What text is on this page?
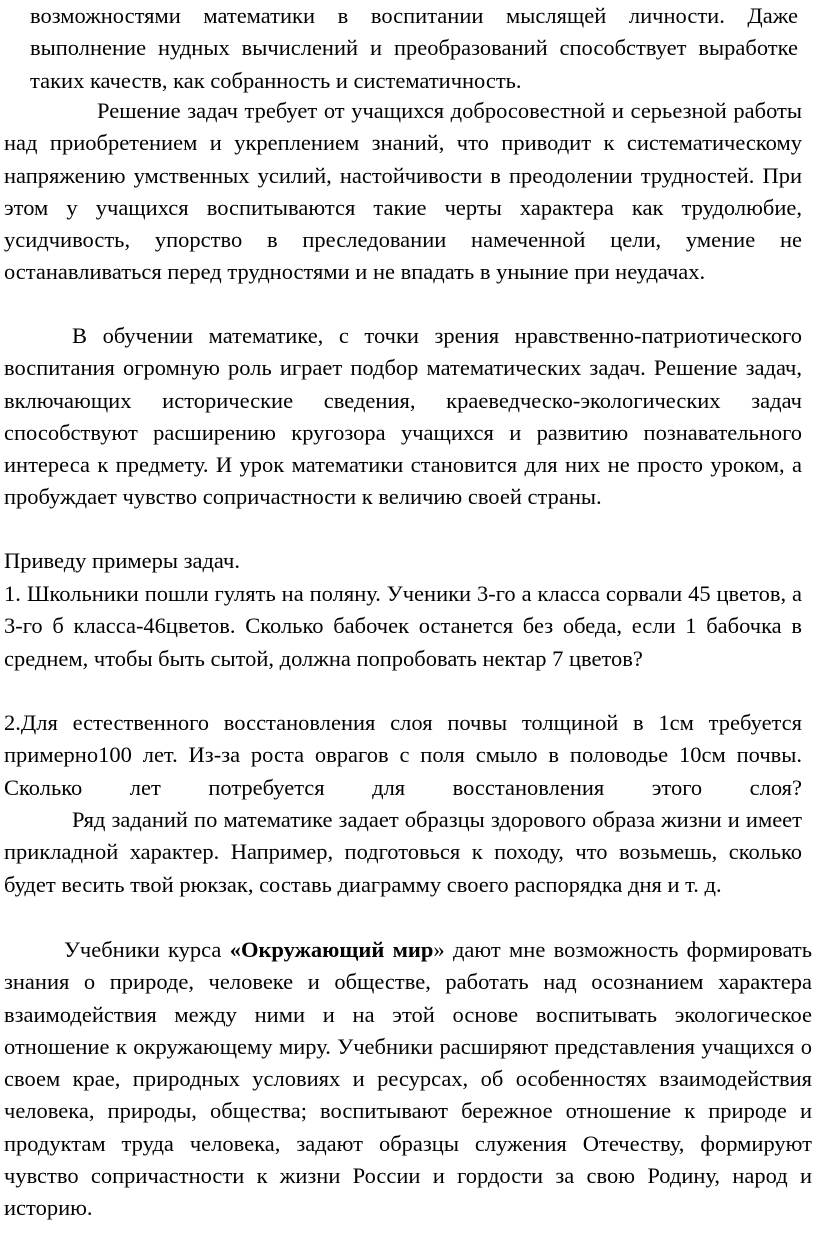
возможностями математики в воспитании мыслящей личности. Даже выполнение нудных вычислений и преобразований способствует выработке таких качеств, как собранность и систематичность.

Решение задач требует от учащихся добросовестной и серьезной работы над приобретением и укреплением знаний, что приводит к систематическому напряжению умственных усилий, настойчивости в преодолении трудностей. При этом у учащихся воспитываются такие черты характера как трудолюбие, усидчивость, упорство в преследовании намеченной цели, умение не останавливаться перед трудностями и не впадать в уныние при неудачах.

В обучении математике, с точки зрения нравственно-патриотического воспитания огромную роль играет подбор математических задач. Решение задач, включающих исторические сведения, краеведческо-экологических задач способствуют расширению кругозора учащихся и развитию познавательного интереса к предмету. И урок математики становится для них не просто уроком, а пробуждает чувство сопричастности к величию своей страны.

Приведу примеры задач.

1. Школьники пошли гулять на поляну. Ученики 3-го а класса сорвали 45 цветов, а 3-го б класса-46цветов. Сколько бабочек останется без обеда, если 1 бабочка в среднем, чтобы быть сытой, должна попробовать нектар 7 цветов?

2.Для естественного восстановления слоя почвы толщиной в 1см требуется примерно100 лет. Из-за роста оврагов с поля смыло в половодье 10см почвы. Сколько лет потребуется для восстановления этого слоя?

Ряд заданий по математике задает образцы здорового образа жизни и имеет прикладной характер. Например, подготовься к походу, что возьмешь, сколько будет весить твой рюкзак, составь диаграмму своего распорядка дня и т. д.

Учебники курса «Окружающий мир» дают мне возможность формировать знания о природе, человеке и обществе, работать над осознанием характера взаимодействия между ними и на этой основе воспитывать экологическое отношение к окружающему миру. Учебники расширяют представления учащихся о своем крае, природных условиях и ресурсах, об особенностях взаимодействия человека, природы, общества; воспитывают бережное отношение к природе и продуктам труда человека, задают образцы служения Отечеству, формируют чувство сопричастности к жизни России и гордости за свою Родину, народ и историю.
